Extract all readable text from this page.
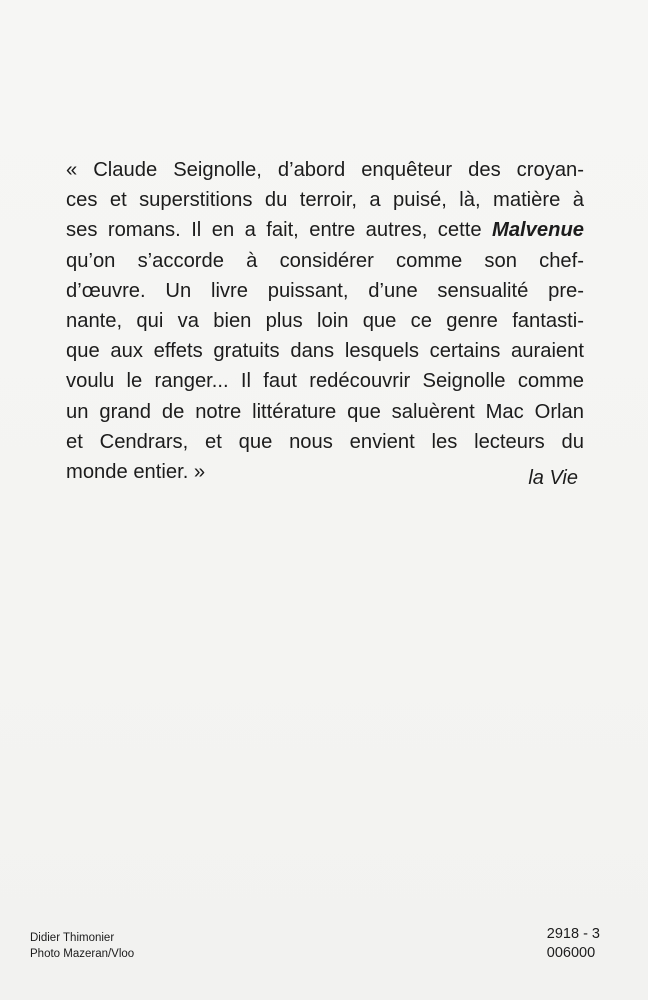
« Claude Seignolle, d’abord enquêteur des croyan-
ces et superstitions du terroir, a puisé, là, matière à
ses romans. Il en a fait, entre autres, cette Malvenue
qu’on s’accorde à considérer comme son chef-
d’œuvre. Un livre puissant, d’une sensualité pre-
nante, qui va bien plus loin que ce genre fantasti-
que aux effets gratuits dans lesquels certains auraient
voulu le ranger... Il faut redécouvrir Seignolle comme
un grand de notre littérature que saluèrent Mac Orlan
et Cendrars, et que nous envient les lecteurs du
monde entier. »	la Vie

Didier Thimonier
Photo Mazeran/Vloo

2918 - 3
006000
